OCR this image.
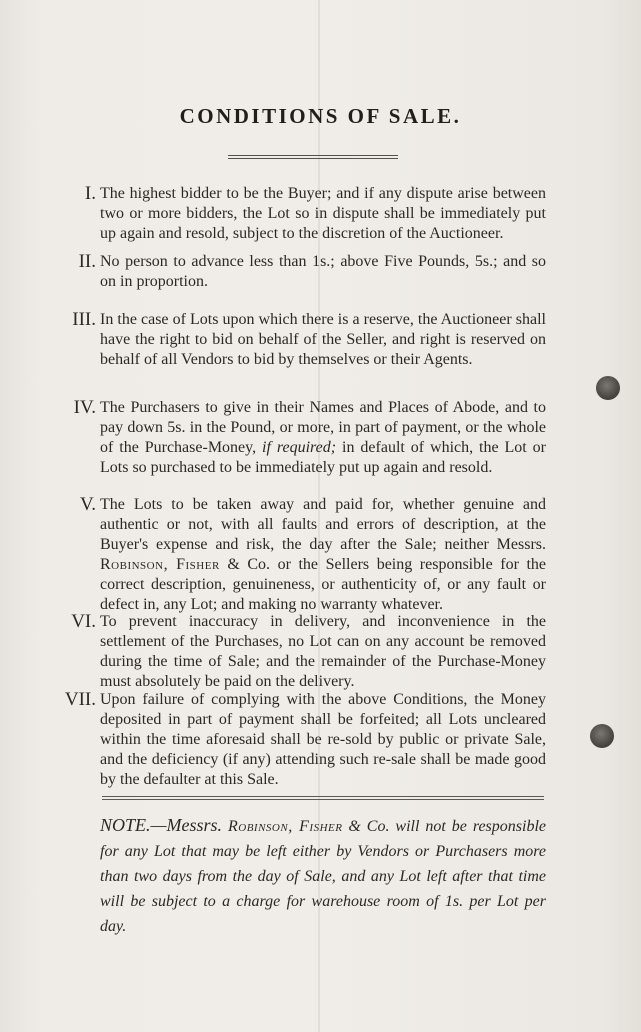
CONDITIONS OF SALE.
I. The highest bidder to be the Buyer; and if any dispute arise between two or more bidders, the Lot so in dispute shall be immediately put up again and resold, subject to the discretion of the Auctioneer.
II. No person to advance less than 1s.; above Five Pounds, 5s.; and so on in proportion.
III. In the case of Lots upon which there is a reserve, the Auctioneer shall have the right to bid on behalf of the Seller, and right is reserved on behalf of all Vendors to bid by themselves or their Agents.
IV. The Purchasers to give in their Names and Places of Abode, and to pay down 5s. in the Pound, or more, in part of payment, or the whole of the Purchase-Money, if required; in default of which, the Lot or Lots so purchased to be immediately put up again and resold.
V. The Lots to be taken away and paid for, whether genuine and authentic or not, with all faults and errors of description, at the Buyer's expense and risk, the day after the Sale; neither Messrs. Robinson, Fisher & Co. or the Sellers being responsible for the correct description, genuineness, or authenticity of, or any fault or defect in, any Lot; and making no warranty whatever.
VI. To prevent inaccuracy in delivery, and inconvenience in the settlement of the Purchases, no Lot can on any account be removed during the time of Sale; and the remainder of the Purchase-Money must absolutely be paid on the delivery.
VII. Upon failure of complying with the above Conditions, the Money deposited in part of payment shall be forfeited; all Lots uncleared within the time aforesaid shall be re-sold by public or private Sale, and the deficiency (if any) attending such re-sale shall be made good by the defaulter at this Sale.
NOTE.—Messrs. Robinson, Fisher & Co. will not be responsible for any Lot that may be left either by Vendors or Purchasers more than two days from the day of Sale, and any Lot left after that time will be subject to a charge for warehouse room of 1s. per Lot per day.
